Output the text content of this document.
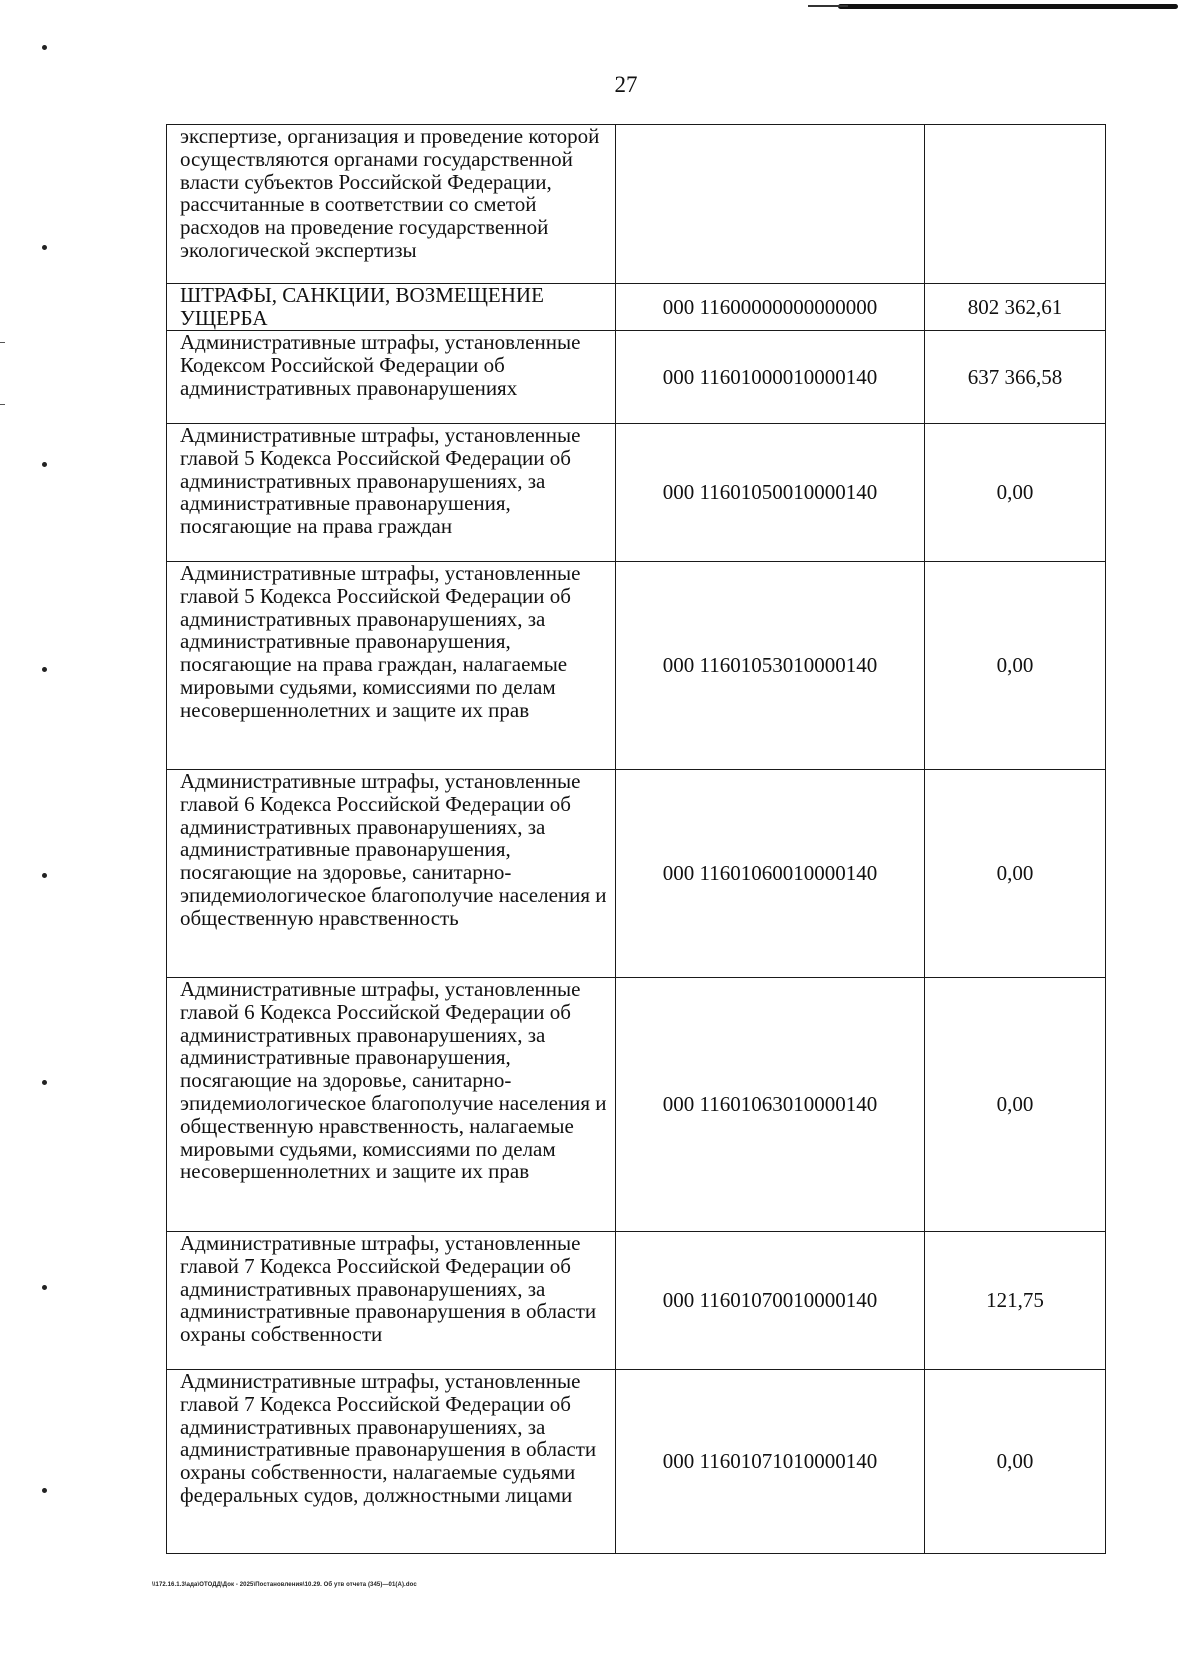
27
экспертизе, организация и проведение которой осуществляются органами государственной власти субъектов Российской Федерации, рассчитанные в соответствии со сметой расходов на проведение государственной экологической экспертизы		

ШТРАФЫ, САНКЦИИ, ВОЗМЕЩЕНИЕ УЩЕРБА	000 11600000000000000	802 362,61

Административные штрафы, установленные Кодексом Российской Федерации об административных правонарушениях	000 11601000010000140	637 366,58

Административные штрафы, установленные главой 5 Кодекса Российской Федерации об административных правонарушениях, за административные правонарушения, посягающие на права граждан	000 11601050010000140	0,00

Административные штрафы, установленные главой 5 Кодекса Российской Федерации об административных правонарушениях, за административные правонарушения, посягающие на права граждан, налагаемые мировыми судьями, комиссиями по делам несовершеннолетних и защите их прав	000 11601053010000140	0,00

Административные штрафы, установленные главой 6 Кодекса Российской Федерации об административных правонарушениях, за административные правонарушения, посягающие на здоровье, санитарно-эпидемиологическое благополучие населения и общественную нравственность	000 11601060010000140	0,00

Административные штрафы, установленные главой 6 Кодекса Российской Федерации об административных правонарушениях, за административные правонарушения, посягающие на здоровье, санитарно-эпидемиологическое благополучие населения и общественную нравственность, налагаемые мировыми судьями, комиссиями по делам несовершеннолетних и защите их прав	000 11601063010000140	0,00

Административные штрафы, установленные главой 7 Кодекса Российской Федерации об административных правонарушениях, за административные правонарушения в области охраны собственности	000 11601070010000140	121,75

Административные штрафы, установленные главой 7 Кодекса Российской Федерации об административных правонарушениях, за административные правонарушения в области охраны собственности, налагаемые судьями федеральных судов, должностными лицами	000 11601071010000140	0,00
\\172.16.1.3\ада\ОТОДД\Док - 2025\Постановления\10.29. Об утв отчета (345)—01(А).doc
